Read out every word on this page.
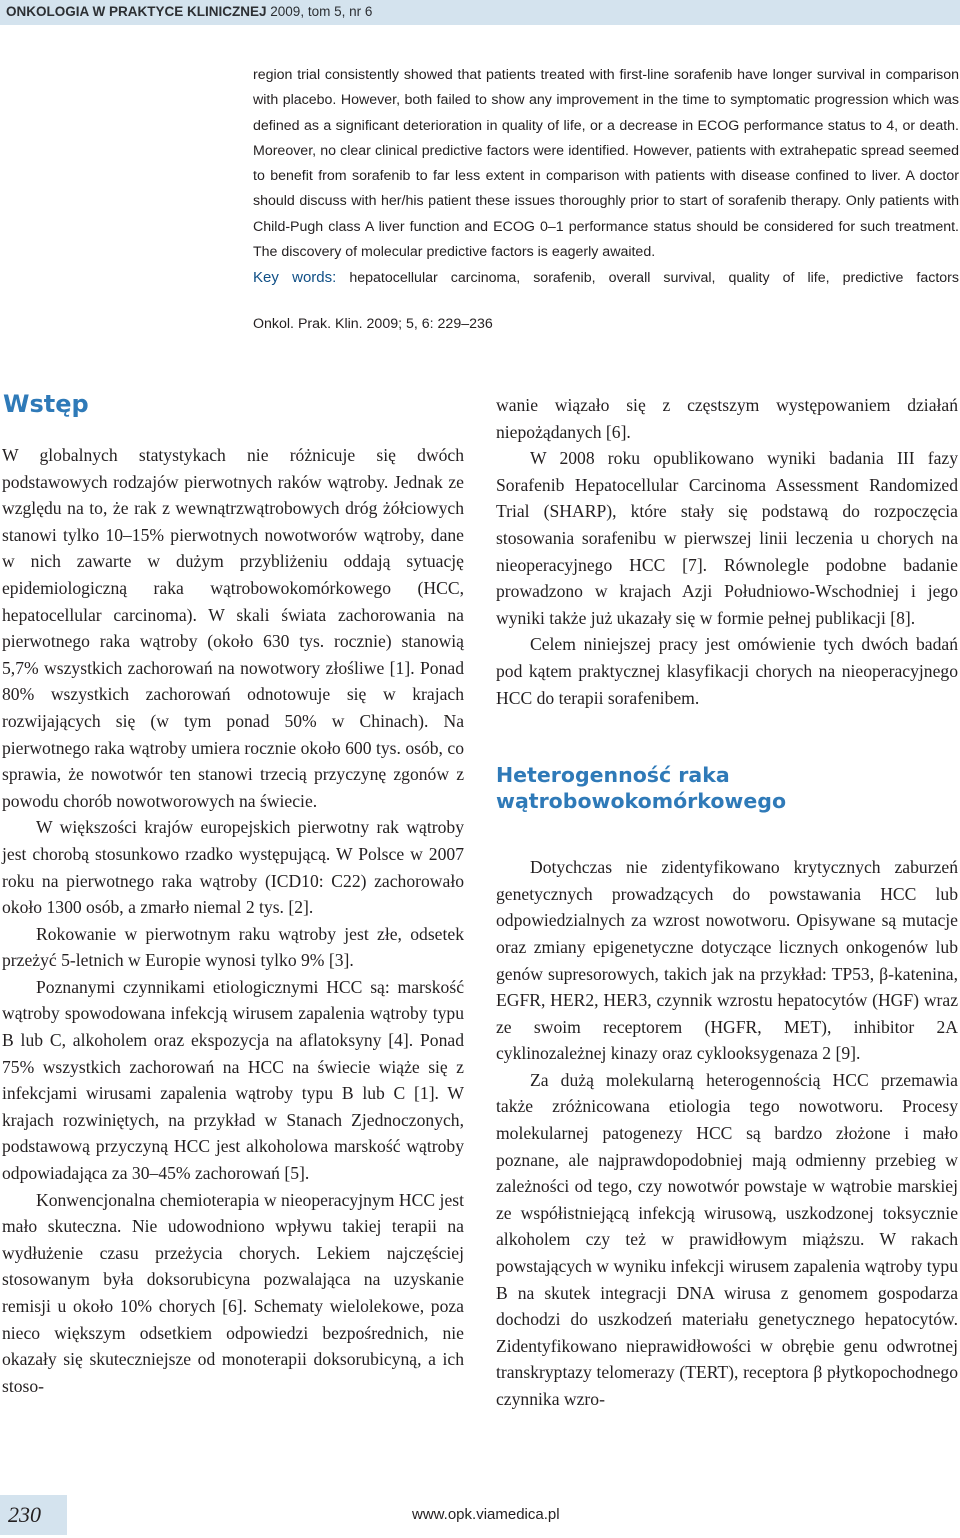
ONKOLOGIA W PRAKTYCE KLINICZNEJ 2009, tom 5, nr 6
region trial consistently showed that patients treated with first-line sorafenib have longer survival in comparison with placebo. However, both failed to show any improvement in the time to symptomatic progression which was defined as a significant deterioration in quality of life, or a decrease in ECOG performance status to 4, or death. Moreover, no clear clinical predictive factors were identified. However, patients with extrahepatic spread seemed to benefit from sorafenib to far less extent in comparison with patients with disease confined to liver. A doctor should discuss with her/his patient these issues thoroughly prior to start of sorafenib therapy. Only patients with Child-Pugh class A liver function and ECOG 0–1 performance status should be considered for such treatment. The discovery of molecular predictive factors is eagerly awaited.
Key words: hepatocellular carcinoma, sorafenib, overall survival, quality of life, predictive factors
Onkol. Prak. Klin. 2009; 5, 6: 229–236
Wstęp

W globalnych statystykach nie różnicuje się dwóch podstawowych rodzajów pierwotnych raków wątroby. Jednak ze względu na to, że rak z wewnątrzwątrobowych dróg żółciowych stanowi tylko 10–15% pierwotnych nowotworów wątroby, dane w nich zawarte w dużym przybliżeniu oddają sytuację epidemiologiczną raka wątrobowokomórkowego (HCC, hepatocellular carcinoma). W skali świata zachorowania na pierwotnego raka wątroby (około 630 tys. rocznie) stanowią 5,7% wszystkich zachorowań na nowotwory złośliwe [1]. Ponad 80% wszystkich zachorowań odnotowuje się w krajach rozwijających się (w tym ponad 50% w Chinach). Na pierwotnego raka wątroby umiera rocznie około 600 tys. osób, co sprawia, że nowotwór ten stanowi trzecią przyczynę zgonów z powodu chorób nowotworowych na świecie.

W większości krajów europejskich pierwotny rak wątroby jest chorobą stosunkowo rzadko występującą. W Polsce w 2007 roku na pierwotnego raka wątroby (ICD10: C22) zachorowało około 1300 osób, a zmarło niemal 2 tys. [2].

Rokowanie w pierwotnym raku wątroby jest złe, odsetek przeżyć 5-letnich w Europie wynosi tylko 9% [3].

Poznanymi czynnikami etiologicznymi HCC są: marskość wątroby spowodowana infekcją wirusem zapalenia wątroby typu B lub C, alkoholem oraz ekspozycja na aflatoksyny [4]. Ponad 75% wszystkich zachorowań na HCC na świecie wiąże się z infekcjami wirusami zapalenia wątroby typu B lub C [1]. W krajach rozwiniętych, na przykład w Stanach Zjednoczonych, podstawową przyczyną HCC jest alkoholowa marskość wątroby odpowiadająca za 30–45% zachorowań [5].

Konwencjonalna chemioterapia w nieoperacyjnym HCC jest mało skuteczna. Nie udowodniono wpływu takiej terapii na wydłużenie czasu przeżycia chorych. Lekiem najczęściej stosowanym była doksorubicyna pozwalająca na uzyskanie remisji u około 10% chorych [6]. Schematy wielolekowe, poza nieco większym odsetkiem odpowiedzi bezpośrednich, nie okazały się skuteczniejsze od monoterapii doksorubicyną, a ich stoso-

wanie wiązało się z częstszym występowaniem działań niepożądanych [6].

W 2008 roku opublikowano wyniki badania III fazy Sorafenib Hepatocellular Carcinoma Assessment Randomized Trial (SHARP), które stały się podstawą do rozpoczęcia stosowania sorafenibu w pierwszej linii leczenia u chorych na nieoperacyjnego HCC [7]. Równolegle podobne badanie prowadzono w krajach Azji Południowo-Wschodniej i jego wyniki także już ukazały się w formie pełnej publikacji [8].

Celem niniejszej pracy jest omówienie tych dwóch badań pod kątem praktycznej klasyfikacji chorych na nieoperacyjnego HCC do terapii sorafenibem.

Heterogenność raka wątrobowokomórkowego

Dotychczas nie zidentyfikowano krytycznych zaburzeń genetycznych prowadzących do powstawania HCC lub odpowiedzialnych za wzrost nowotworu. Opisywane są mutacje oraz zmiany epigenetyczne dotyczące licznych onkogenów lub genów supresorowych, takich jak na przykład: TP53, β-katenina, EGFR, HER2, HER3, czynnik wzrostu hepatocytów (HGF) wraz ze swoim receptorem (HGFR, MET), inhibitor 2A cyklinozależnej kinazy oraz cyklooksygenaza 2 [9].

Za dużą molekularną heterogennością HCC przemawia także zróżnicowana etiologia tego nowotworu. Procesy molekularnej patogenezy HCC są bardzo złożone i mało poznane, ale najprawdopodobniej mają odmienny przebieg w zależności od tego, czy nowotwór powstaje w wątrobie marskiej ze współistniejącą infekcją wirusową, uszkodzonej toksycznie alkoholem czy też w prawidłowym miąższu. W rakach powstających w wyniku infekcji wirusem zapalenia wątroby typu B na skutek integracji DNA wirusa z genomem gospodarza dochodzi do uszkodzeń materiału genetycznego hepatocytów. Zidentyfikowano nieprawidłowości w obrębie genu odwrotnej transkryptazy telomerazy (TERT), receptora β płytkopochodnego czynnika wzro-

230	www.opk.viamedica.pl
